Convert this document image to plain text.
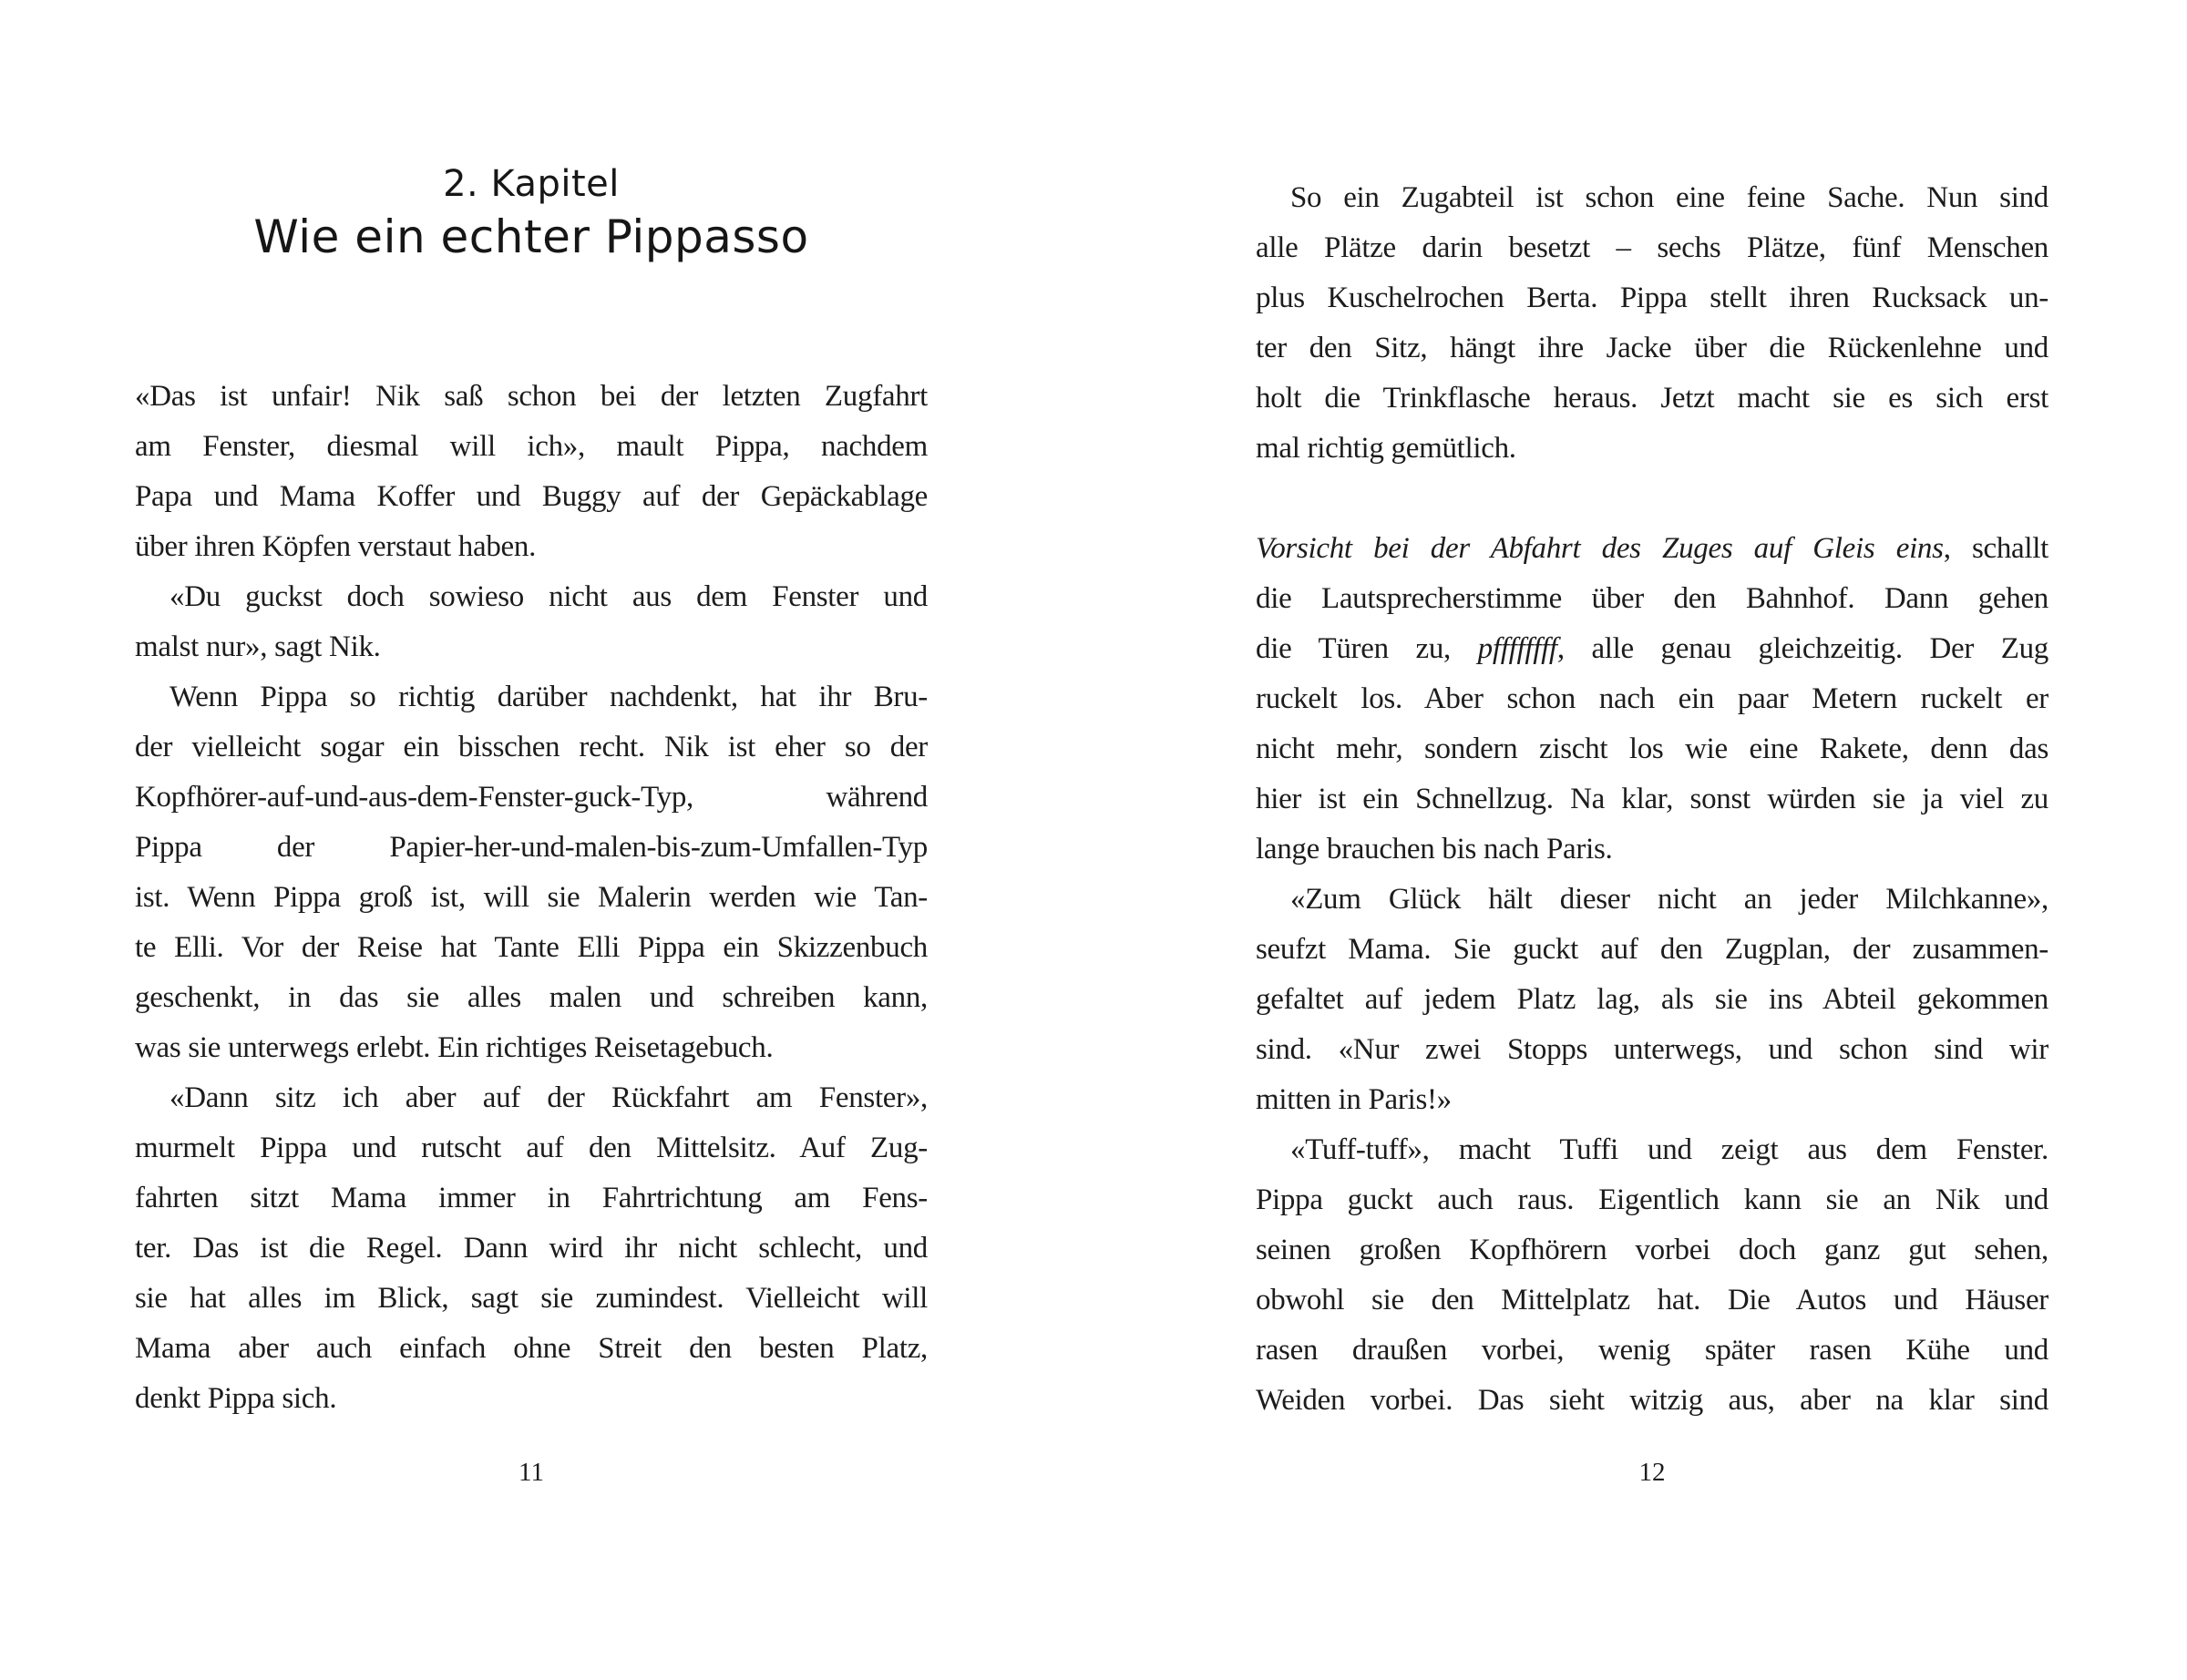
2. Kapitel
Wie ein echter Pippasso
«Das ist unfair! Nik saß schon bei der letzten Zugfahrt
am Fenster, diesmal will ich», mault Pippa, nachdem
Papa und Mama Koffer und Buggy auf der Gepäckablage
über ihren Köpfen verstaut haben.
«Du guckst doch sowieso nicht aus dem Fenster und
malst nur», sagt Nik.
Wenn Pippa so richtig darüber nachdenkt, hat ihr Bru-
der vielleicht sogar ein bisschen recht. Nik ist eher so der
Kopfhörer-auf-und-aus-dem-Fenster-guck-Typ, während
Pippa der Papier-her-und-malen-bis-zum-Umfallen-Typ
ist. Wenn Pippa groß ist, will sie Malerin werden wie Tan-
te Elli. Vor der Reise hat Tante Elli Pippa ein Skizzenbuch
geschenkt, in das sie alles malen und schreiben kann,
was sie unterwegs erlebt. Ein richtiges Reisetagebuch.
«Dann sitz ich aber auf der Rückfahrt am Fenster»,
murmelt Pippa und rutscht auf den Mittelsitz. Auf Zug-
fahrten sitzt Mama immer in Fahrtrichtung am Fens-
ter. Das ist die Regel. Dann wird ihr nicht schlecht, und
sie hat alles im Blick, sagt sie zumindest. Vielleicht will
Mama aber auch einfach ohne Streit den besten Platz,
denkt Pippa sich.
11
So ein Zugabteil ist schon eine feine Sache. Nun sind
alle Plätze darin besetzt – sechs Plätze, fünf Menschen
plus Kuschelrochen Berta. Pippa stellt ihren Rucksack un-
ter den Sitz, hängt ihre Jacke über die Rückenlehne und
holt die Trinkflasche heraus. Jetzt macht sie es sich erst
mal richtig gemütlich.
Vorsicht bei der Abfahrt des Zuges auf Gleis eins, schallt
die Lautsprecherstimme über den Bahnhof. Dann gehen
die Türen zu, pffffffff, alle genau gleichzeitig. Der Zug
ruckelt los. Aber schon nach ein paar Metern ruckelt er
nicht mehr, sondern zischt los wie eine Rakete, denn das
hier ist ein Schnellzug. Na klar, sonst würden sie ja viel zu
lange brauchen bis nach Paris.
«Zum Glück hält dieser nicht an jeder Milchkanne»,
seufzt Mama. Sie guckt auf den Zugplan, der zusammen-
gefaltet auf jedem Platz lag, als sie ins Abteil gekommen
sind. «Nur zwei Stopps unterwegs, und schon sind wir
mitten in Paris!»
«Tuff-tuff», macht Tuffi und zeigt aus dem Fenster.
Pippa guckt auch raus. Eigentlich kann sie an Nik und
seinen großen Kopfhörern vorbei doch ganz gut sehen,
obwohl sie den Mittelplatz hat. Die Autos und Häuser
rasen draußen vorbei, wenig später rasen Kühe und
Weiden vorbei. Das sieht witzig aus, aber na klar sind
12
